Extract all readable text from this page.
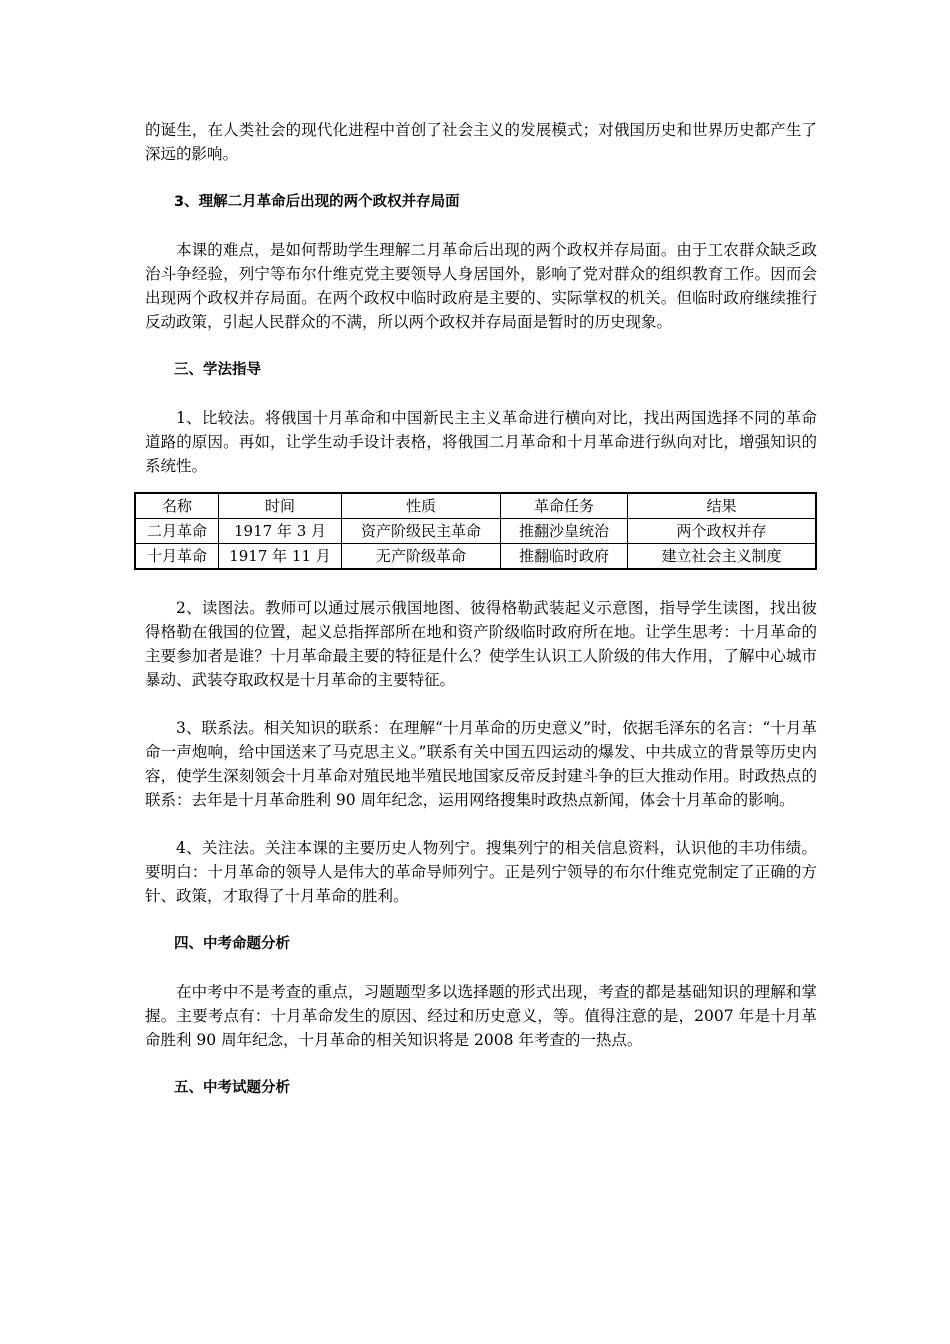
的诞生，在人类社会的现代化进程中首创了社会主义的发展模式；对俄国历史和世界历史都产生了深远的影响。

3、理解二月革命后出现的两个政权并存局面

本课的难点，是如何帮助学生理解二月革命后出现的两个政权并存局面。由于工农群众缺乏政治斗争经验，列宁等布尔什维克党主要领导人身居国外，影响了党对群众的组织教育工作。因而会出现两个政权并存局面。在两个政权中临时政府是主要的、实际掌权的机关。但临时政府继续推行反动政策，引起人民群众的不满，所以两个政权并存局面是暂时的历史现象。

三、学法指导

1、比较法。将俄国十月革命和中国新民主主义革命进行横向对比，找出两国选择不同的革命道路的原因。再如，让学生动手设计表格，将俄国二月革命和十月革命进行纵向对比，增强知识的系统性。

名称	时间	性质	革命任务	结果
二月革命	1917 年 3 月	资产阶级民主革命	推翻沙皇统治	两个政权并存
十月革命	1917 年 11 月	无产阶级革命	推翻临时政府	建立社会主义制度

2、读图法。教师可以通过展示俄国地图、彼得格勒武装起义示意图，指导学生读图，找出彼得格勒在俄国的位置，起义总指挥部所在地和资产阶级临时政府所在地。让学生思考：十月革命的主要参加者是谁？十月革命最主要的特征是什么？使学生认识工人阶级的伟大作用，了解中心城市暴动、武装夺取政权是十月革命的主要特征。

3、联系法。相关知识的联系：在理解“十月革命的历史意义”时，依据毛泽东的名言：“十月革命一声炮响，给中国送来了马克思主义。”联系有关中国五四运动的爆发、中共成立的背景等历史内容，使学生深刻领会十月革命对殖民地半殖民地国家反帝反封建斗争的巨大推动作用。时政热点的联系：去年是十月革命胜利 90 周年纪念，运用网络搜集时政热点新闻，体会十月革命的影响。

4、关注法。关注本课的主要历史人物列宁。搜集列宁的相关信息资料，认识他的丰功伟绩。要明白：十月革命的领导人是伟大的革命导师列宁。正是列宁领导的布尔什维克党制定了正确的方针、政策，才取得了十月革命的胜利。

四、中考命题分析

在中考中不是考查的重点，习题题型多以选择题的形式出现，考查的都是基础知识的理解和掌握。主要考点有：十月革命发生的原因、经过和历史意义，等。值得注意的是，2007 年是十月革命胜利 90 周年纪念，十月革命的相关知识将是 2008 年考查的一热点。

五、中考试题分析
